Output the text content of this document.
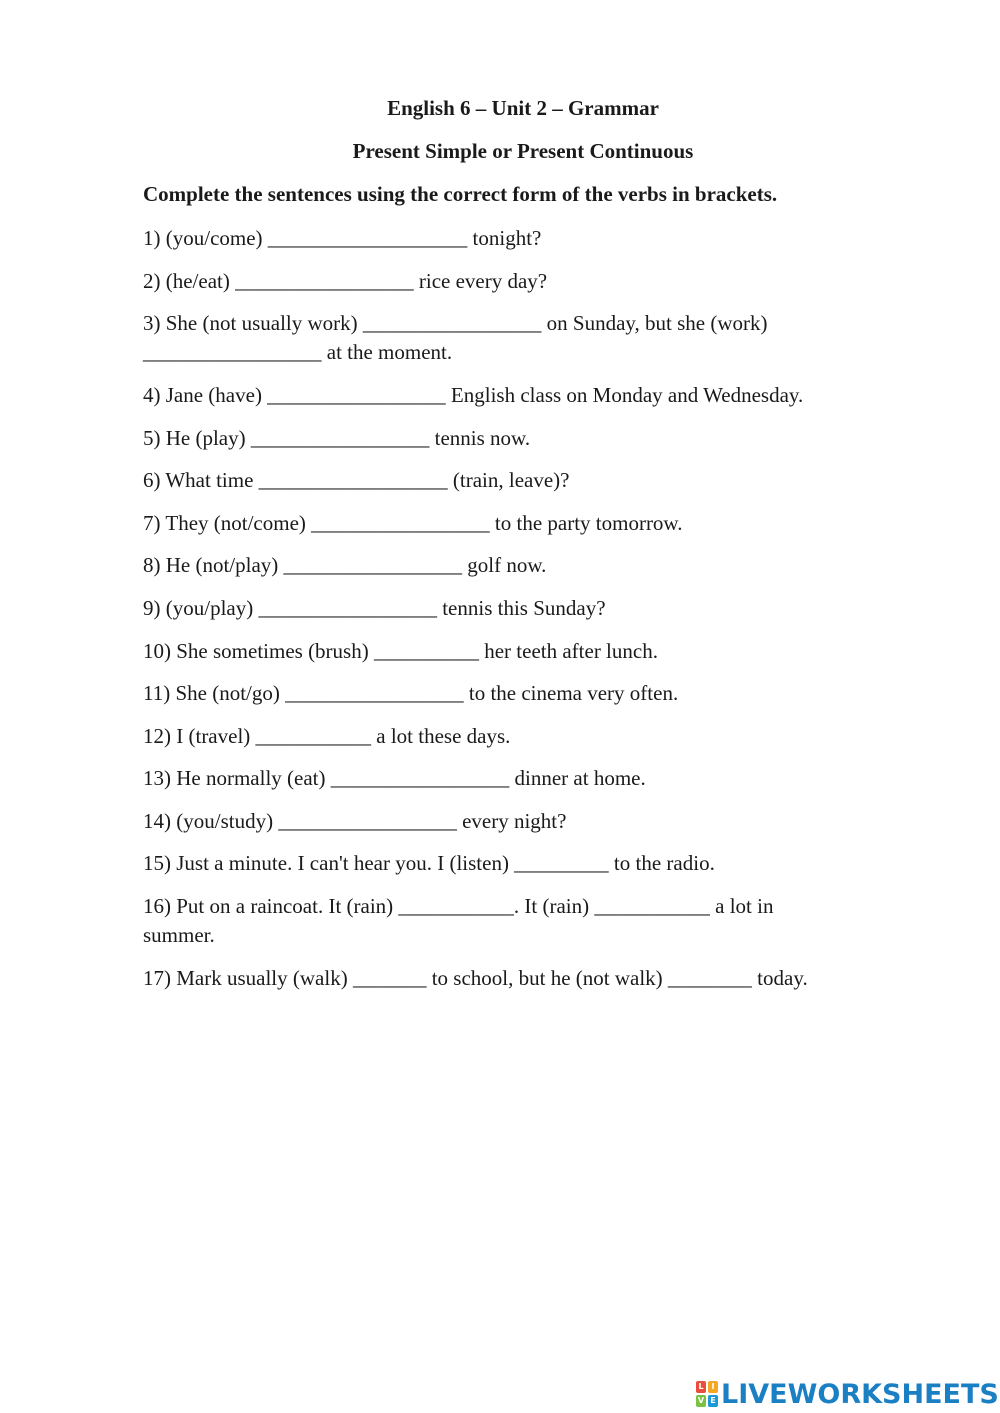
English 6 – Unit 2 – Grammar
Present Simple or Present Continuous
Complete the sentences using the correct form of the verbs in brackets.
1) (you/come) ___________________ tonight?
2) (he/eat) _________________ rice every day?
3) She (not usually work) _________________ on Sunday, but she (work)
_________________ at the moment.
4) Jane (have) _________________ English class on Monday and Wednesday.
5) He (play) _________________ tennis now.
6) What time __________________ (train, leave)?
7) They (not/come) _________________ to the party tomorrow.
8) He (not/play) _________________ golf now.
9) (you/play) _________________ tennis this Sunday?
10) She sometimes (brush) __________ her teeth after lunch.
11) She (not/go) _________________ to the cinema very often.
12) I (travel) ___________ a lot these days.
13) He normally (eat) _________________ dinner at home.
14) (you/study) _________________ every night?
15) Just a minute. I can't hear you. I (listen) _________ to the radio.
16) Put on a raincoat. It (rain) ___________. It (rain) ___________ a lot in
summer.
17) Mark usually (walk) _______ to school, but he (not walk) ________ today.
L I
V E LIVEWORKSHEETS
